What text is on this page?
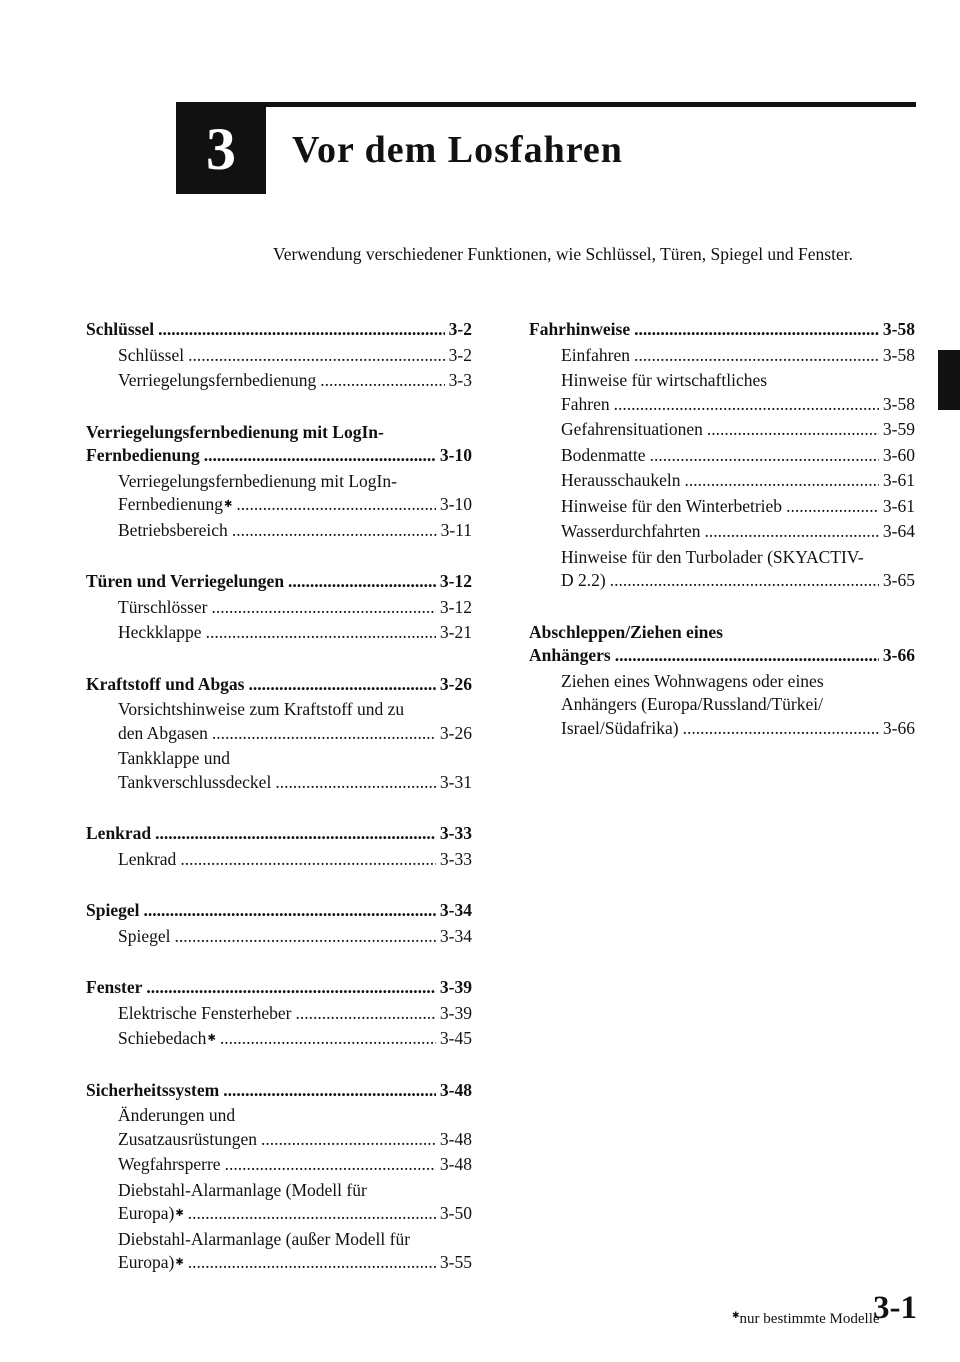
3	Vor dem Losfahren
Verwendung verschiedener Funktionen, wie Schlüssel, Türen, Spiegel und Fenster.
Schlüssel .....	3-2
Schlüssel .....	3-2
Verriegelungsfernbedienung .....	3-3
Verriegelungsfernbedienung mit LogIn-
Fernbedienung .....	3-10
Verriegelungsfernbedienung mit LogIn-
Fernbedienung ✱ .....	3-10
Betriebsbereich .....	3-11
Türen und Verriegelungen .....	3-12
Türschlösser .....	3-12
Heckklappe .....	3-21
Kraftstoff und Abgas .....	3-26
Vorsichtshinweise zum Kraftstoff und zu
den Abgasen .....	3-26
Tankklappe und
Tankverschlussdeckel .....	3-31
Lenkrad .....	3-33
Lenkrad .....	3-33
Spiegel .....	3-34
Spiegel .....	3-34
Fenster .....	3-39
Elektrische Fensterheber .....	3-39
Schiebedach ✱ .....	3-45
Sicherheitssystem .....	3-48
Änderungen und
Zusatzausrüstungen .....	3-48
Wegfahrsperre .....	3-48
Diebstahl-Alarmanlage (Modell für
Europa) ✱ .....	3-50
Diebstahl-Alarmanlage (außer Modell für
Europa) ✱ .....	3-55
Fahrhinweise .....	3-58
Einfahren .....	3-58
Hinweise für wirtschaftliches
Fahren .....	3-58
Gefahrensituationen .....	3-59
Bodenmatte .....	3-60
Herausschaukeln .....	3-61
Hinweise für den Winterbetrieb .....	3-61
Wasserdurchfahrten .....	3-64
Hinweise für den Turbolader (SKYACTIV-
D 2.2) .....	3-65
Abschleppen/Ziehen eines
Anhängers .....	3-66
Ziehen eines Wohnwagens oder eines
Anhängers (Europa/Russland/Türkei/
Israel/Südafrika) .....	3-66
✱nur bestimmte Modelle
3-1
